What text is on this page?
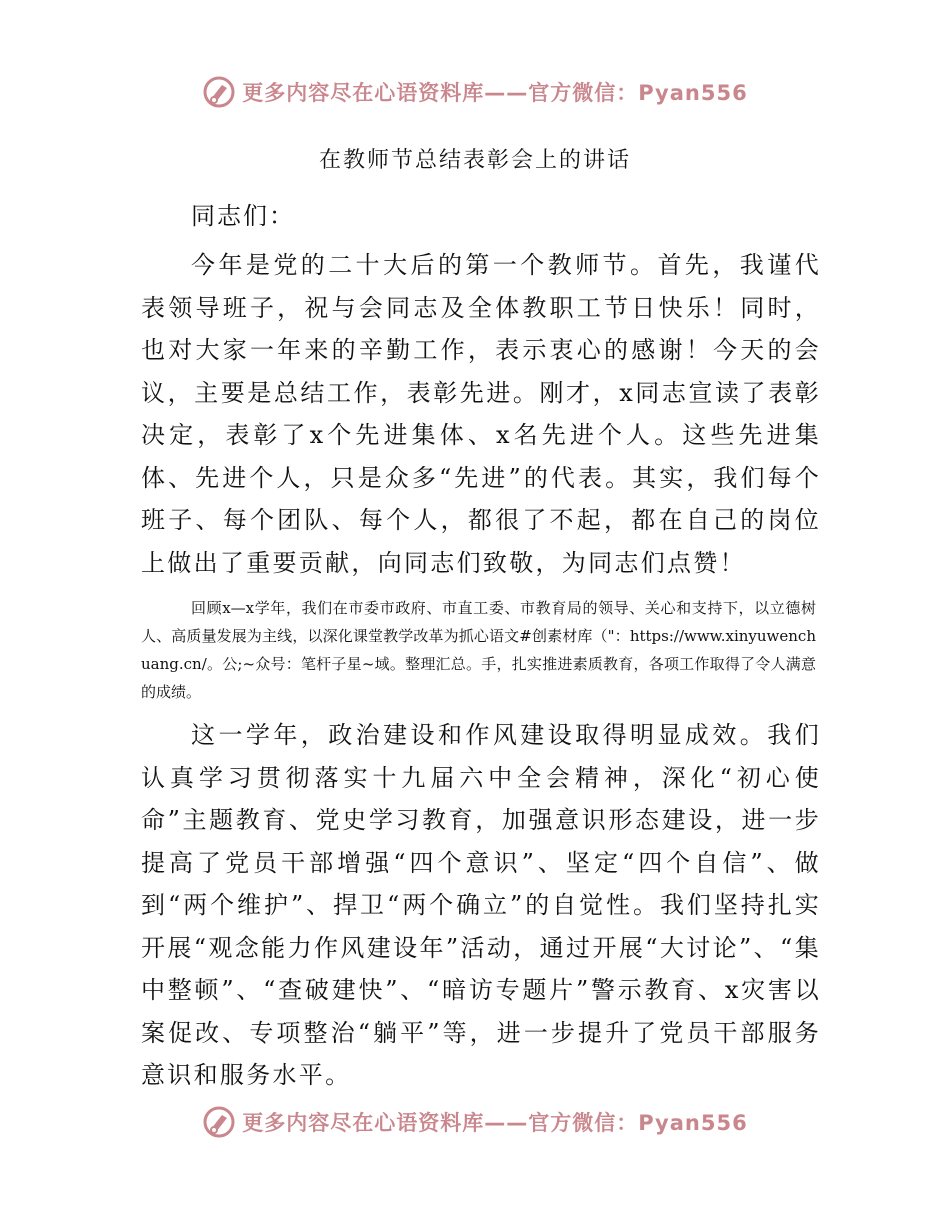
更多内容尽在心语资料库——官方微信：Pyan556
在教师节总结表彰会上的讲话
同志们：

今年是党的二十大后的第一个教师节。首先，我谨代表领导班子，祝与会同志及全体教职工节日快乐！同时，也对大家一年来的辛勤工作，表示衷心的感谢！今天的会议，主要是总结工作，表彰先进。刚才，x同志宣读了表彰决定，表彰了x个先进集体、x名先进个人。这些先进集体、先进个人，只是众多“先进”的代表。其实，我们每个班子、每个团队、每个人，都很了不起，都在自己的岗位上做出了重要贡献，向同志们致敬，为同志们点赞！

回顾x—x学年，我们在市委市政府、市直工委、市教育局的领导、关心和支持下，以立德树人、高质量发展为主线，以深化课堂教学改革为抓心语文#创素材库（"：https://www.xinyuwenchuang.cn/。公;~众号：笔杆子星~域。整理汇总。手，扎实推进素质教育，各项工作取得了令人满意的成绩。

这一学年，政治建设和作风建设取得明显成效。我们认真学习贯彻落实十九届六中全会精神，深化“初心使命”主题教育、党史学习教育，加强意识形态建设，进一步提高了党员干部增强“四个意识”、坚定“四个自信”、做到“两个维护”、捍卫“两个确立”的自觉性。我们坚持扎实开展“观念能力作风建设年”活动，通过开展“大讨论”、“集中整顿”、“查破建快”、“暗访专题片”警示教育、x灾害以案促改、专项整治“躺平”等，进一步提升了党员干部服务意识和服务水平。

更多内容尽在心语资料库——官方微信：Pyan556
